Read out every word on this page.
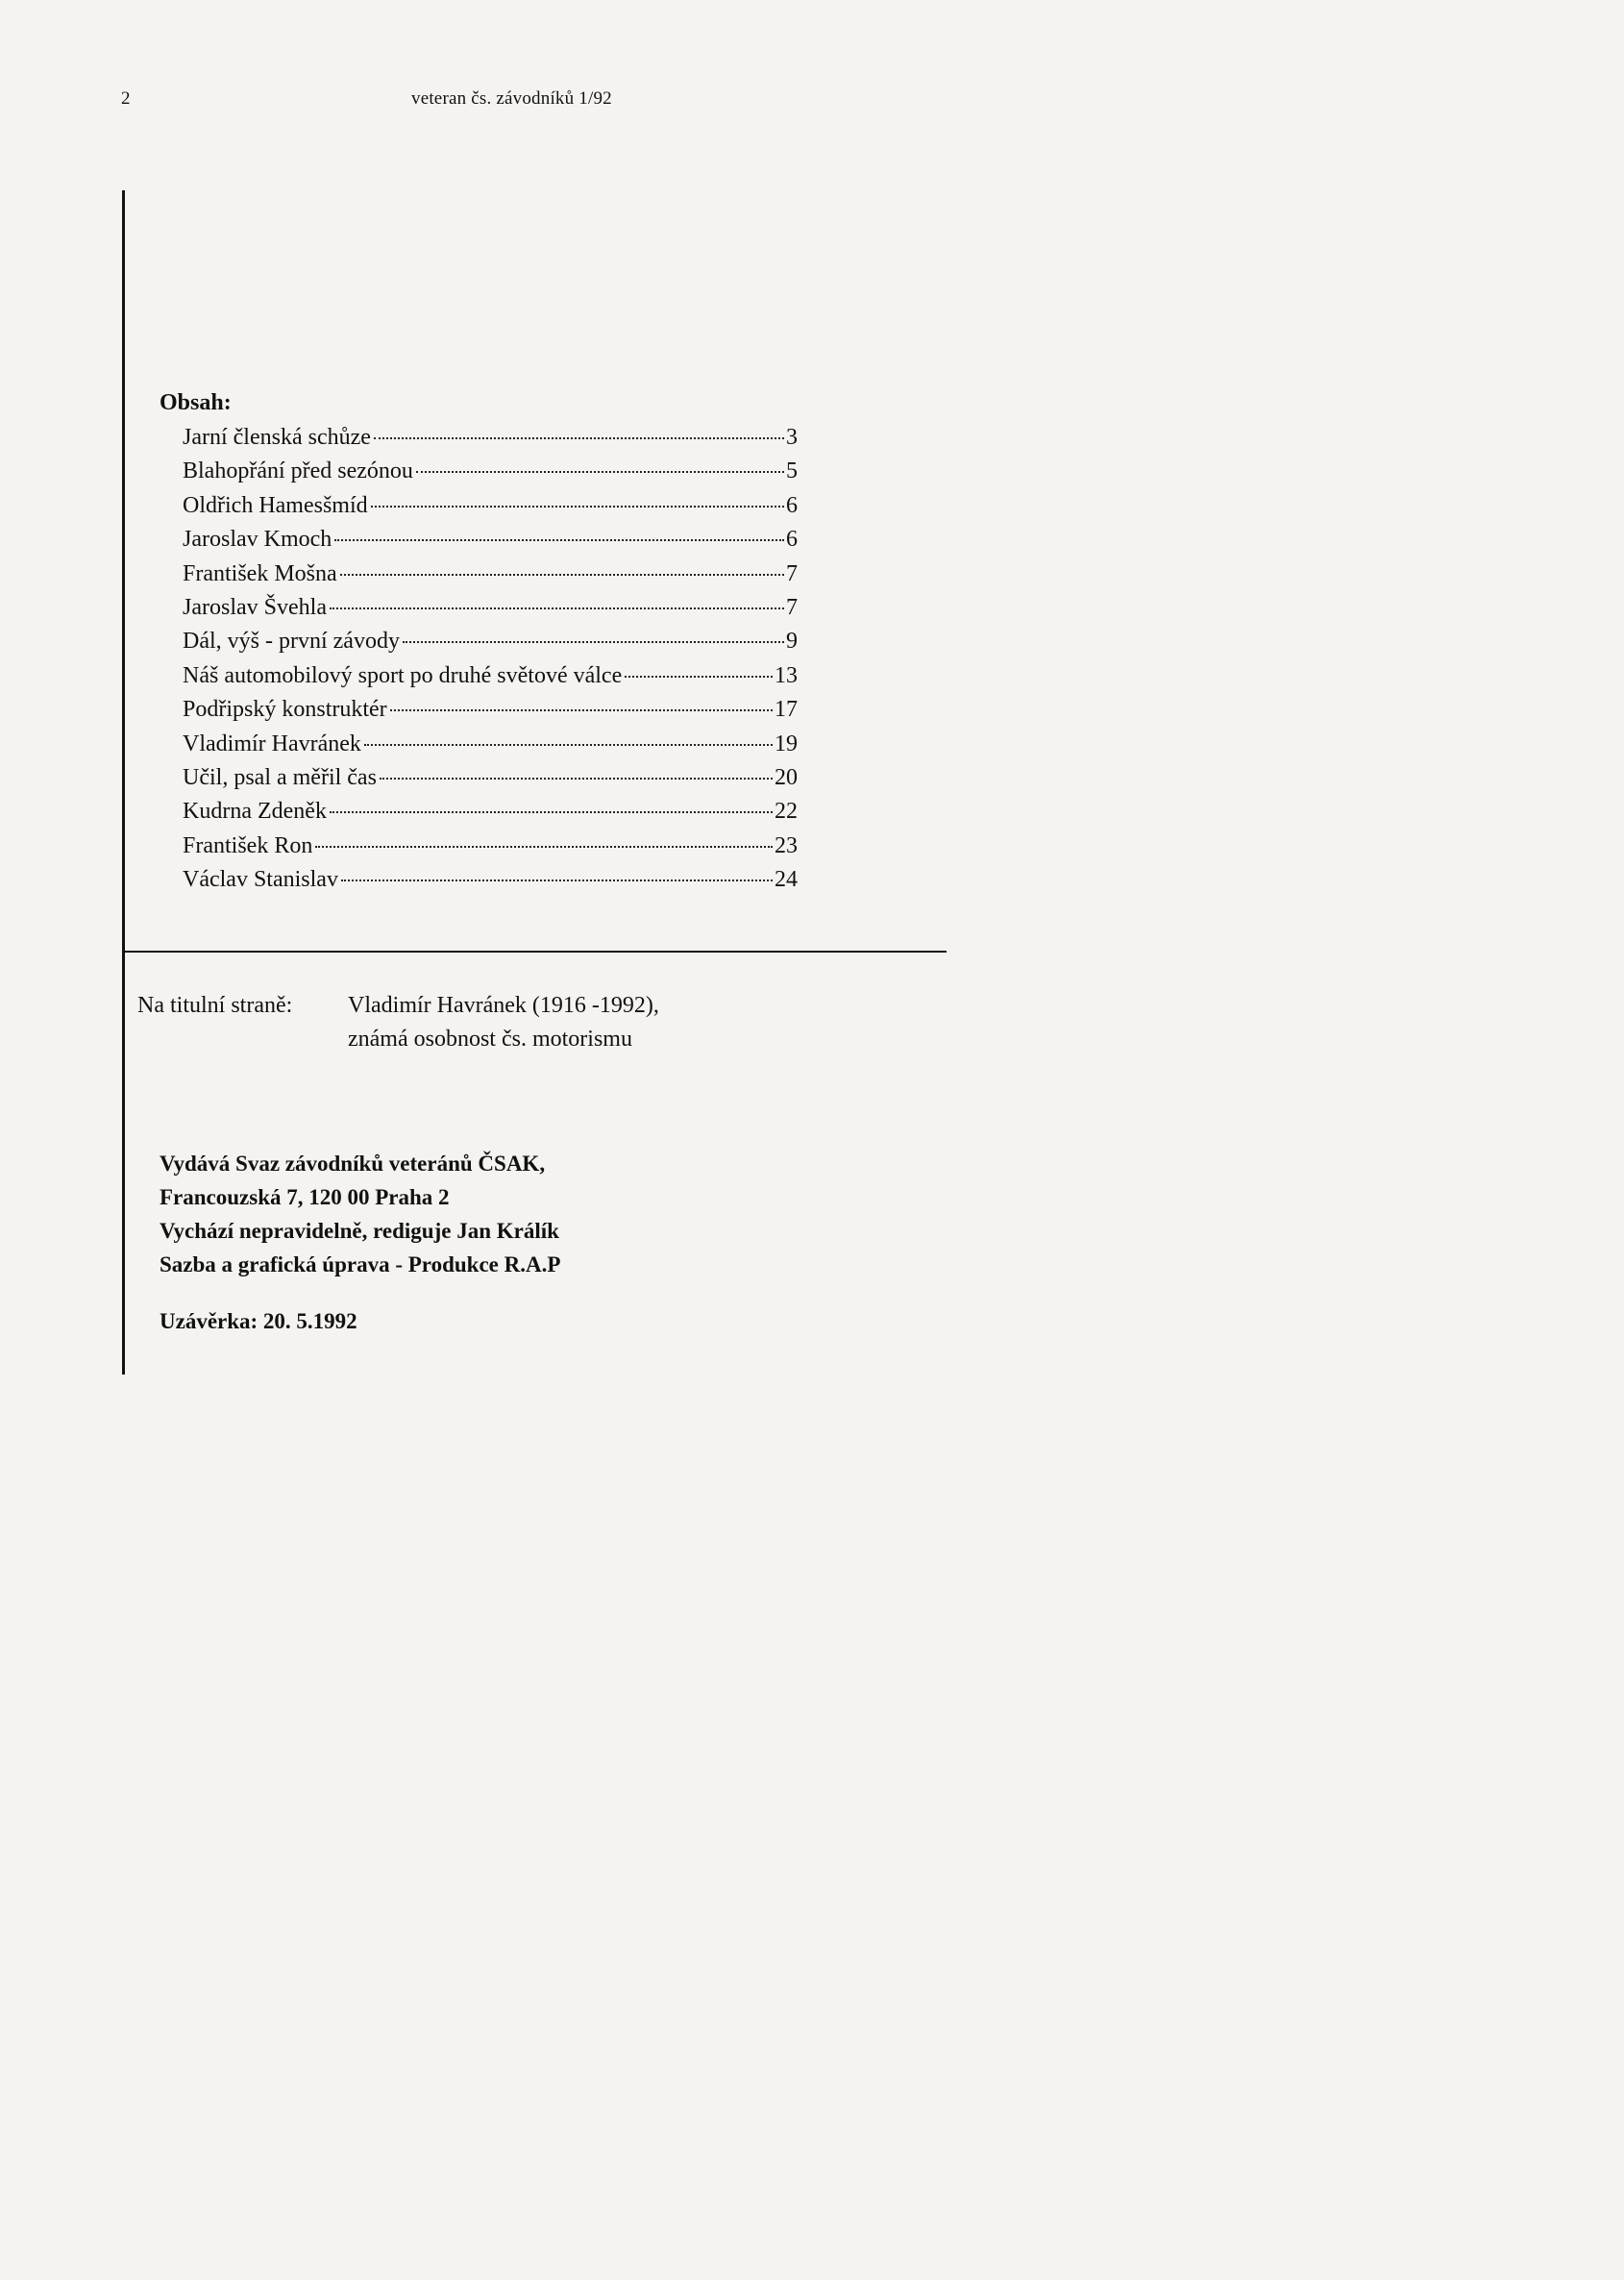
2	veteran čs. závodníků 1/92
Obsah:
Jarní členská schůze	3
Blahopřání před sezónou	5
Oldřich Hamesšmíd	6
Jaroslav Kmoch	6
František Mošna	7
Jaroslav Švehla	7
Dál, výš - první závody	9
Náš automobilový sport po druhé světové válce	13
Podřipský konstruktér	17
Vladimír Havránek	19
Učil, psal a měřil čas	20
Kudrna Zdeněk	22
František Ron	23
Václav Stanislav	24
Na titulní straně: Vladimír Havránek (1916 -1992),
známá osobnost čs. motorismu
Vydává Svaz závodníků veteránů ČSAK,
Francouzská 7, 120 00 Praha 2
Vychází nepravidelně, rediguje Jan Králík
Sazba a grafická úprava - Produkce R.A.P
Uzávěrka: 20. 5.1992
